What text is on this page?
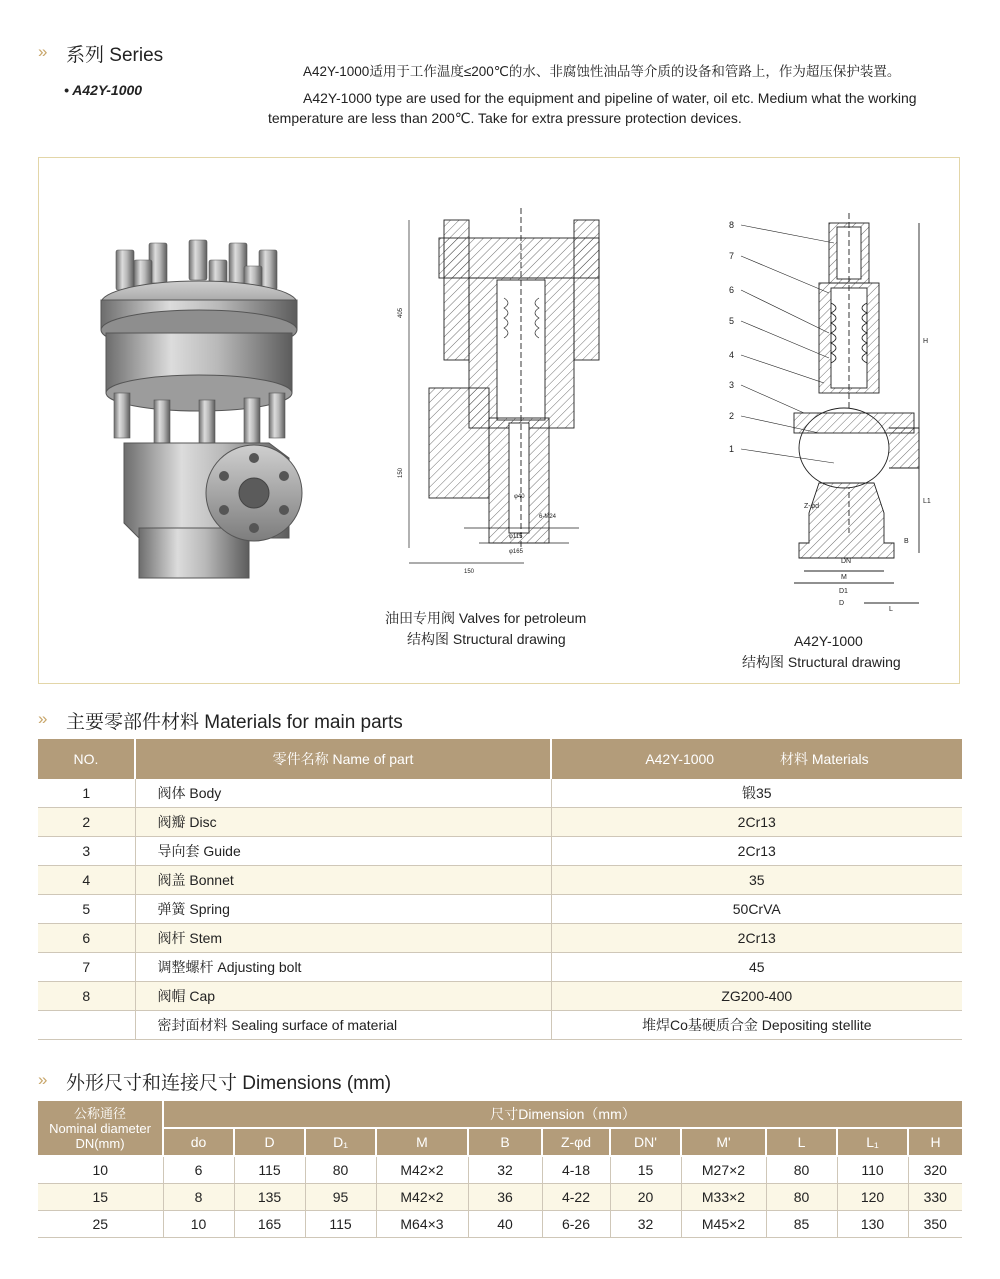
» 系列 Series
• A42Y-1000
A42Y-1000适用于工作温度≤200℃的水、非腐蚀性油品等介质的设备和管路上，作为超压保护装置。
A42Y-1000 type are used for the equipment and pipeline of water, oil etc. Medium what the working
temperature are less than 200℃. Take for extra pressure protection devices.
405
150
φ115
φ165
150
φ40
6-M24
8
7
6
5
4
3
2
1
H
L1
B
Z-φd
DN
M
D1
D
L
油田专用阀 Valves for petroleum
结构图 Structural drawing	A42Y-1000
结构图 Structural drawing
» 主要零部件材料 Materials for main parts
NO.	零件名称 Name of part	A42Y-1000 材料 Materials
1	阀体 Body	锻35
2	阀瓣 Disc	2Cr13
3	导向套 Guide	2Cr13
4	阀盖 Bonnet	35
5	弹簧 Spring	50CrVA
6	阀杆 Stem	2Cr13
7	调整螺杆 Adjusting bolt	45
8	阀帽 Cap	ZG200-400
	密封面材料 Sealing surface of material	堆焊Co基硬质合金 Depositing stellite
» 外形尺寸和连接尺寸 Dimensions (mm)
公称通径
Nominal diameter
DN(mm)	尺寸Dimension（mm）										
	do	D	D₁	M	B	Z-φd	DN'	M'	L	L₁	H
10	6	115	80	M42×2	32	4-18	15	M27×2	80	110	320
15	8	135	95	M42×2	36	4-22	20	M33×2	80	120	330
25	10	165	115	M64×3	40	6-26	32	M45×2	85	130	350
